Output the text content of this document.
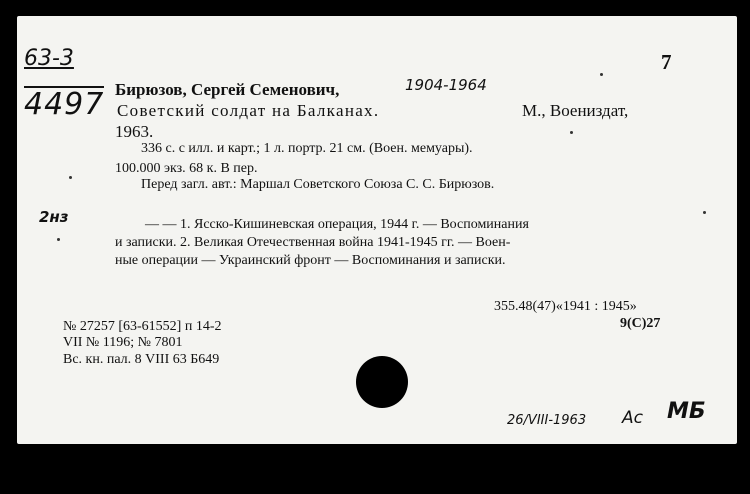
63-3
4497
7
Бирюзов, Сергей Семенович,	1904-1964
Советский солдат на Балканах.	М., Воениздат,
1963.
336 с. с илл. и карт.; 1 л. портр. 21 см. (Воен. мемуары).
100.000 экз. 68 к. В пер.
Перед загл. авт.: Маршал Советского Союза С. С. Бирюзов.
2нз	— — 1. Ясско-Кишиневская операция, 1944 г. — Воспоминания
и записки. 2. Великая Отечественная война 1941-1945 гг. — Воен-
ные операции — Украинский фронт — Воспоминания и записки.
355.48(47)«1941 : 1945»
9(С)27
№ 27257 [63-61552] п 14-2
VII № 1196; № 7801
Вс. кн. пал. 8 VIII 63 Б649
26/VIII-1963 Ас МБ
